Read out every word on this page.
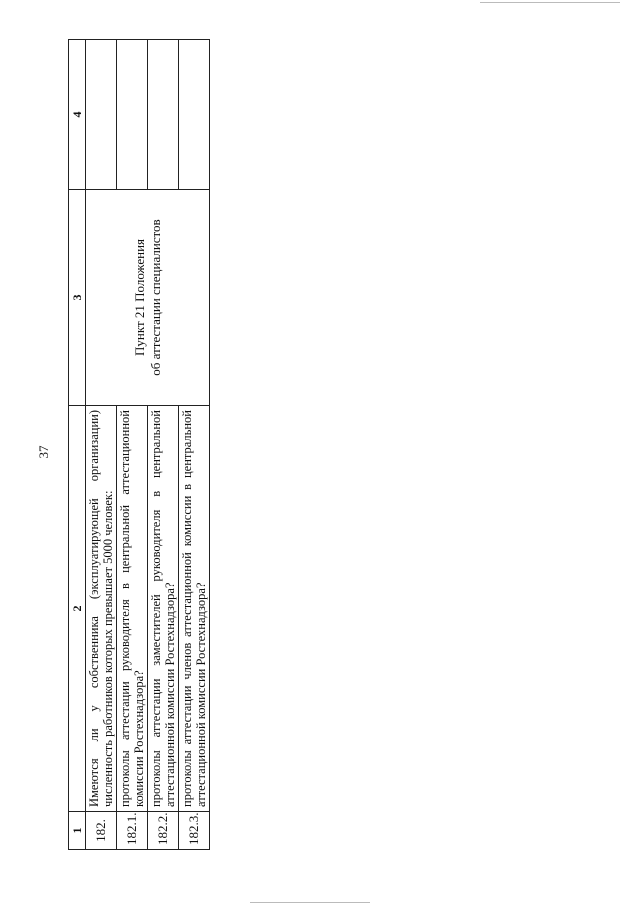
37
1	2	3	4
182.	Имеются ли у собственника (эксплуатирующей организации) численность работников которых превышает 5000 человек:	Пункт 21 Положения об аттестации специалистов	

182.1.	протоколы аттестации руководителя в центральной аттестационной комиссии Ростехнадзора?		
182.2.	протоколы аттестации заместителей руководителя в центральной аттестационной комиссии Ростехнадзора?		
182.3.	протоколы аттестации членов аттестационной комиссии в центральной аттестационной комиссии Ростехнадзора?		
